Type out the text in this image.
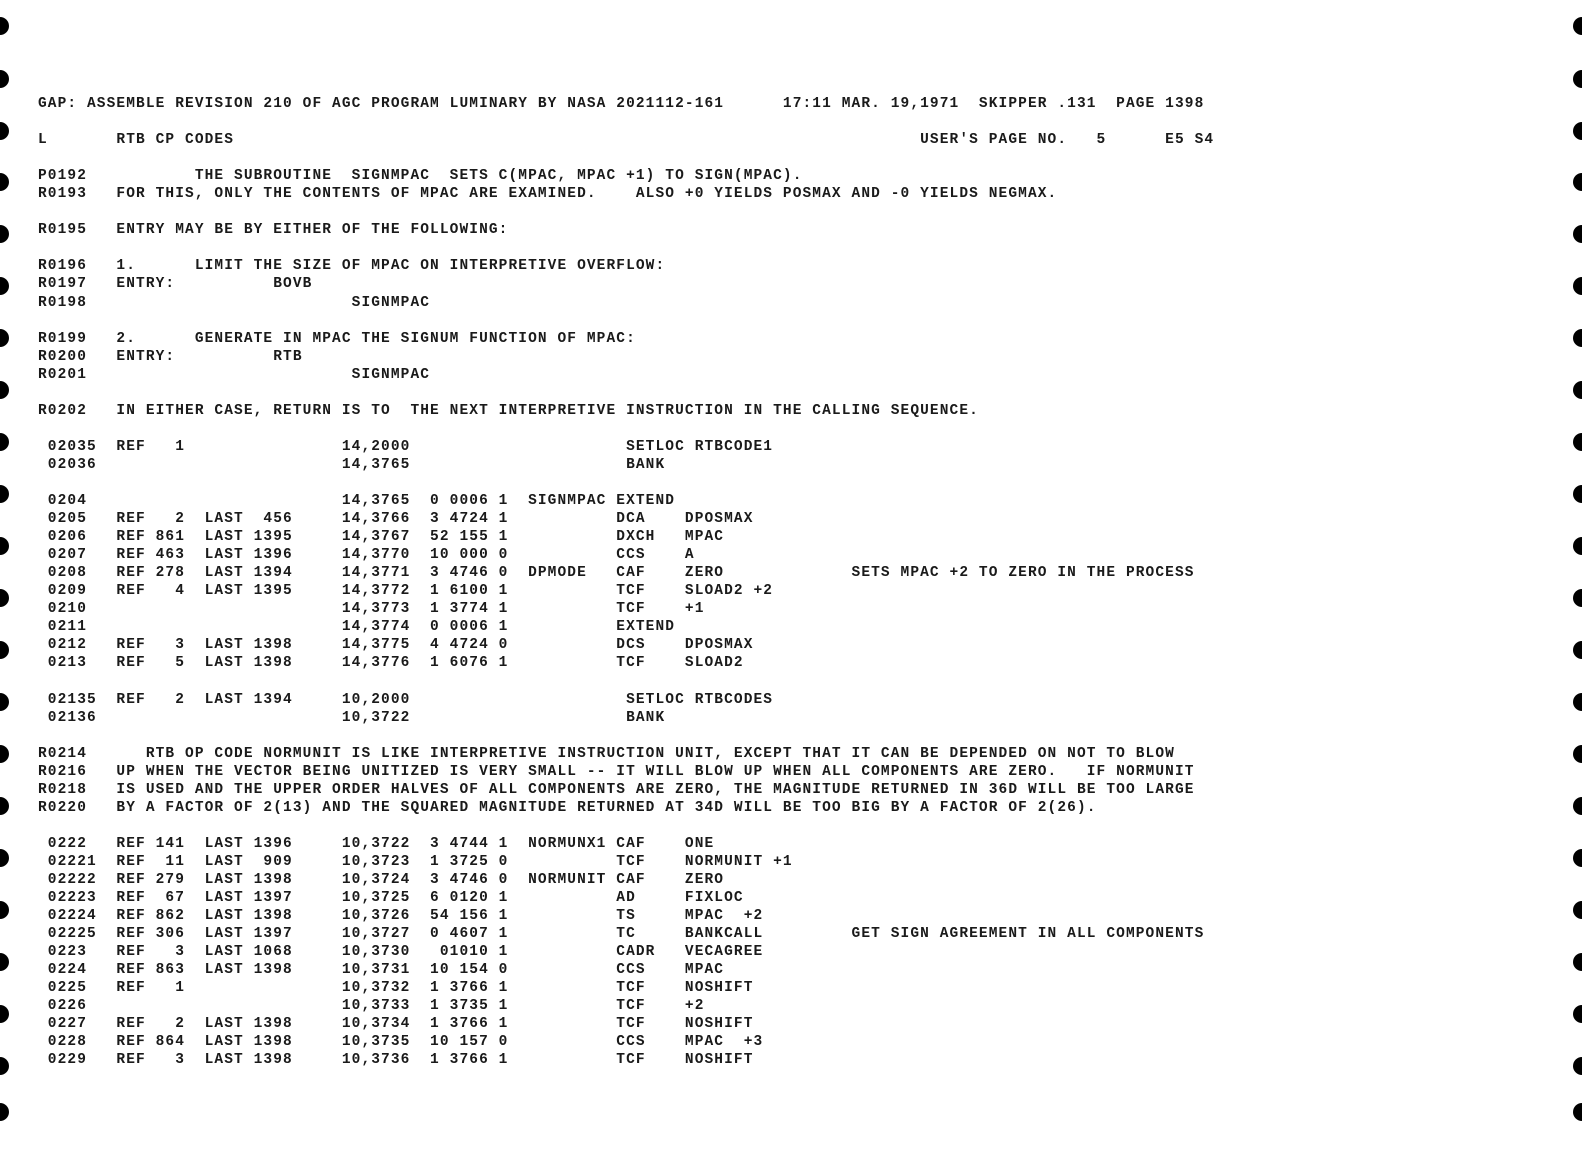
GAP: ASSEMBLE REVISION 210 OF AGC PROGRAM LUMINARY BY NASA 2021112-161      17:11 MAR. 19,1971  SKIPPER .131  PAGE 1398

L       RTB CP CODES                                                                      USER'S PAGE NO.   5      E5 S4

P0192           THE SUBROUTINE  SIGNMPAC  SETS C(MPAC, MPAC +1) TO SIGN(MPAC).
R0193   FOR THIS, ONLY THE CONTENTS OF MPAC ARE EXAMINED.    ALSO +0 YIELDS POSMAX AND -0 YIELDS NEGMAX.

R0195   ENTRY MAY BE BY EITHER OF THE FOLLOWING:

R0196   1.      LIMIT THE SIZE OF MPAC ON INTERPRETIVE OVERFLOW:
R0197   ENTRY:          BOVB
R0198                           SIGNMPAC

R0199   2.      GENERATE IN MPAC THE SIGNUM FUNCTION OF MPAC:
R0200   ENTRY:          RTB
R0201                           SIGNMPAC

R0202   IN EITHER CASE, RETURN IS TO  THE NEXT INTERPRETIVE INSTRUCTION IN THE CALLING SEQUENCE.

02035  REF   1                14,2000                      SETLOC RTBCODE1
02036                         14,3765                      BANK

0204                          14,3765  0 0006 1  SIGNMPAC EXTEND
0205   REF   2  LAST  456     14,3766  3 4724 1           DCA    DPOSMAX
0206   REF 861  LAST 1395     14,3767  52 155 1           DXCH   MPAC
0207   REF 463  LAST 1396     14,3770  10 000 0           CCS    A
0208   REF 278  LAST 1394     14,3771  3 4746 0  DPMODE   CAF    ZERO             SETS MPAC +2 TO ZERO IN THE PROCESS
0209   REF   4  LAST 1395     14,3772  1 6100 1           TCF    SLOAD2 +2
0210                          14,3773  1 3774 1           TCF    +1
0211                          14,3774  0 0006 1           EXTEND
0212   REF   3  LAST 1398     14,3775  4 4724 0           DCS    DPOSMAX
0213   REF   5  LAST 1398     14,3776  1 6076 1           TCF    SLOAD2

02135  REF   2  LAST 1394     10,2000                      SETLOC RTBCODES
02136                         10,3722                      BANK

R0214      RTB OP CODE NORMUNIT IS LIKE INTERPRETIVE INSTRUCTION UNIT, EXCEPT THAT IT CAN BE DEPENDED ON NOT TO BLOW
R0216   UP WHEN THE VECTOR BEING UNITIZED IS VERY SMALL -- IT WILL BLOW UP WHEN ALL COMPONENTS ARE ZERO.   IF NORMUNIT
R0218   IS USED AND THE UPPER ORDER HALVES OF ALL COMPONENTS ARE ZERO, THE MAGNITUDE RETURNED IN 36D WILL BE TOO LARGE
R0220   BY A FACTOR OF 2(13) AND THE SQUARED MAGNITUDE RETURNED AT 34D WILL BE TOO BIG BY A FACTOR OF 2(26).

0222   REF 141  LAST 1396     10,3722  3 4744 1  NORMUNX1 CAF    ONE
02221  REF  11  LAST  909     10,3723  1 3725 0           TCF    NORMUNIT +1
02222  REF 279  LAST 1398     10,3724  3 4746 0  NORMUNIT CAF    ZERO
02223  REF  67  LAST 1397     10,3725  6 0120 1           AD     FIXLOC
02224  REF 862  LAST 1398     10,3726  54 156 1           TS     MPAC  +2
02225  REF 306  LAST 1397     10,3727  0 4607 1           TC     BANKCALL         GET SIGN AGREEMENT IN ALL COMPONENTS
0223   REF   3  LAST 1068     10,3730   01010 1           CADR   VECAGREE
0224   REF 863  LAST 1398     10,3731  10 154 0           CCS    MPAC
0225   REF   1                10,3732  1 3766 1           TCF    NOSHIFT
0226                          10,3733  1 3735 1           TCF    +2
0227   REF   2  LAST 1398     10,3734  1 3766 1           TCF    NOSHIFT
0228   REF 864  LAST 1398     10,3735  10 157 0           CCS    MPAC  +3
0229   REF   3  LAST 1398     10,3736  1 3766 1           TCF    NOSHIFT
